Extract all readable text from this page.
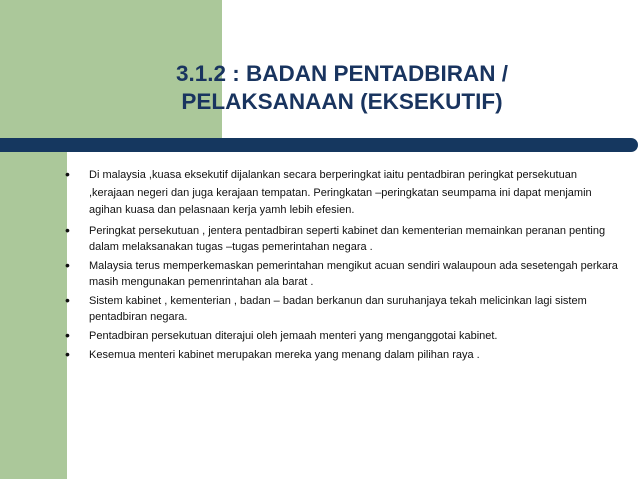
3.1.2 : BADAN PENTADBIRAN /
PELAKSANAAN (EKSEKUTIF)
• Di malaysia ,kuasa eksekutif dijalankan secara berperingkat iaitu pentadbiran peringkat persekutuan ,kerajaan negeri dan juga kerajaan tempatan. Peringkatan –peringkatan seumpama ini dapat menjamin agihan kuasa dan pelasnaan kerja yamh lebih efesien.
• Peringkat persekutuan , jentera pentadbiran seperti kabinet dan kementerian memainkan peranan penting dalam melaksanakan tugas –tugas pemerintahan negara .
• Malaysia terus memperkemaskan pemerintahan mengikut acuan sendiri walaupoun ada sesetengah perkara masih mengunakan pemenrintahan ala barat .
• Sistem kabinet , kementerian , badan – badan berkanun dan suruhanjaya tekah melicinkan lagi sistem pentadbiran negara.
• Pentadbiran persekutuan diterajui oleh jemaah menteri yang menganggotai kabinet.
• Kesemua menteri kabinet merupakan mereka yang menang dalam pilihan raya .
